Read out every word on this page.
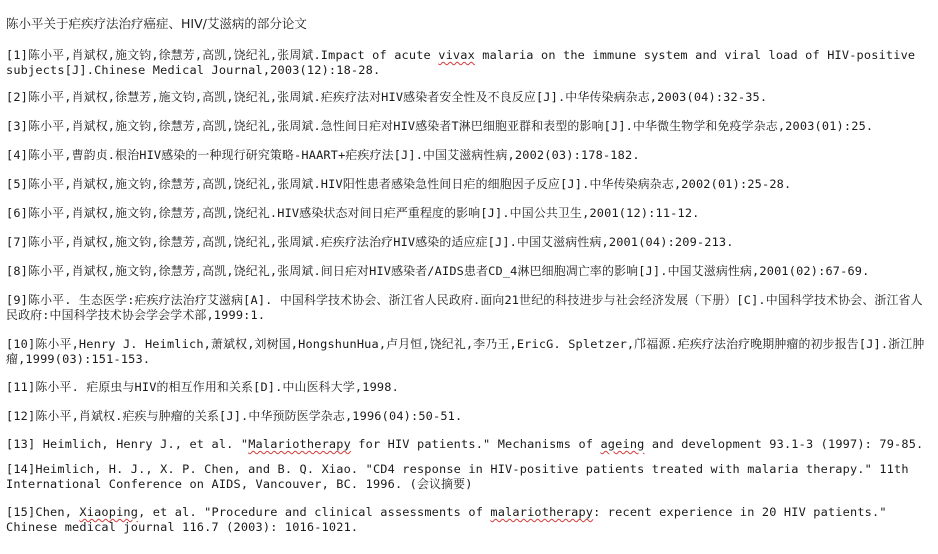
陈小平关于疟疾疗法治疗癌症、HIV/艾滋病的部分论文
[1]陈小平,肖斌权,施文钧,徐慧芳,高凯,饶纪礼,张周斌.Impact of acute vivax malaria on the immune system and viral load of HIV-positive subjects[J].Chinese Medical Journal,2003(12):18-28.
[2]陈小平,肖斌权,徐慧芳,施文钧,高凯,饶纪礼,张周斌.疟疾疗法对HIV感染者安全性及不良反应[J].中华传染病杂志,2003(04):32-35.
[3]陈小平,肖斌权,施文钧,徐慧芳,高凯,饶纪礼,张周斌.急性间日疟对HIV感染者T淋巴细胞亚群和表型的影响[J].中华微生物学和免疫学杂志,2003(01):25.
[4]陈小平,曹韵贞.根治HIV感染的一种现行研究策略-HAART+疟疾疗法[J].中国艾滋病性病,2002(03):178-182.
[5]陈小平,肖斌权,施文钧,徐慧芳,高凯,饶纪礼,张周斌.HIV阳性患者感染急性间日疟的细胞因子反应[J].中华传染病杂志,2002(01):25-28.
[6]陈小平,肖斌权,施文钧,徐慧芳,高凯,饶纪礼.HIV感染状态对间日疟严重程度的影响[J].中国公共卫生,2001(12):11-12.
[7]陈小平,肖斌权,施文钧,徐慧芳,高凯,饶纪礼,张周斌.疟疾疗法治疗HIV感染的适应症[J].中国艾滋病性病,2001(04):209-213.
[8]陈小平,肖斌权,施文钧,徐慧芳,高凯,饶纪礼,张周斌.间日疟对HIV感染者/AIDS患者CD_4淋巴细胞凋亡率的影响[J].中国艾滋病性病,2001(02):67-69.
[9]陈小平. 生态医学:疟疾疗法治疗艾滋病[A]. 中国科学技术协会、浙江省人民政府.面向21世纪的科技进步与社会经济发展（下册）[C].中国科学技术协会、浙江省人民政府:中国科学技术协会学会学术部,1999:1.
[10]陈小平,Henry J. Heimlich,萧斌权,刘树国,HongshunHua,卢月恒,饶纪礼,李乃王,EricG. Spletzer,邝福源.疟疾疗法治疗晚期肿瘤的初步报告[J].浙江肿瘤,1999(03):151-153.
[11]陈小平. 疟原虫与HIV的相互作用和关系[D].中山医科大学,1998.
[12]陈小平,肖斌权.疟疾与肿瘤的关系[J].中华预防医学杂志,1996(04):50-51.
[13] Heimlich, Henry J., et al. "Malariotherapy for HIV patients." Mechanisms of ageing and development 93.1-3 (1997): 79-85.
[14]Heimlich, H. J., X. P. Chen, and B. Q. Xiao. "CD4 response in HIV-positive patients treated with malaria therapy." 11th International Conference on AIDS, Vancouver, BC. 1996. (会议摘要)
[15]Chen, Xiaoping, et al. "Procedure and clinical assessments of malariotherapy: recent experience in 20 HIV patients." Chinese medical journal 116.7 (2003): 1016-1021.
